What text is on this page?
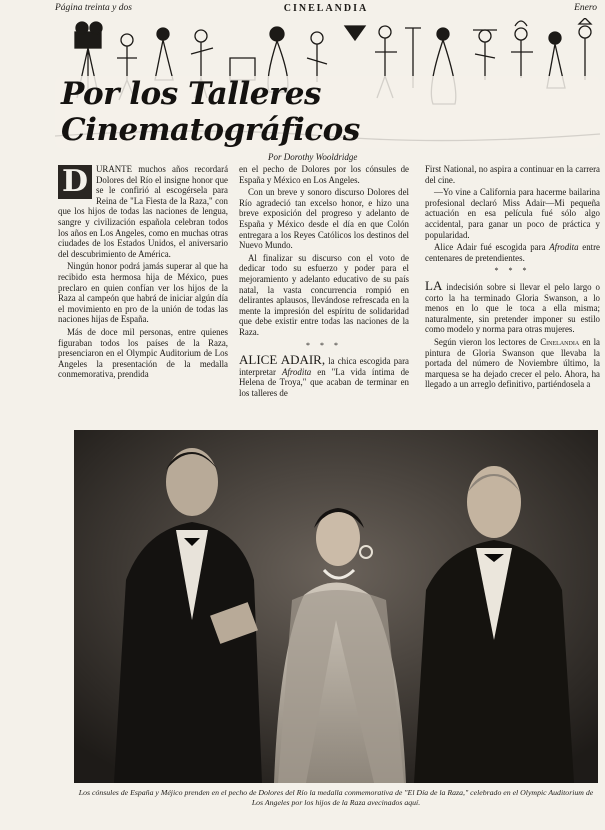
Página treinta y dos	CINELANDIA	Enero
Por los Talleres Cinematográficos
Por Dorothy Wooldridge

D URANTE muchos años recordará Dolores del Río el insigne honor que se le confirió al escogérsela para Reina de "La Fiesta de la Raza," con que los hijos de todas las naciones de lengua, sangre y civilización española celebran todos los años en Los Angeles, como en muchas otras ciudades de los Estados Unidos, el aniversario del descubrimiento de América.

Ningún honor podrá jamás superar al que ha recibido esta hermosa hija de México, pues preclaro en quien confían ver los hijos de la Raza al campeón que habrá de iniciar algún día el movimiento en pro de la unión de todas las naciones hijas de España.

Más de doce mil personas, entre quienes figuraban todos los países de la Raza, presenciaron en el Olympic Auditorium de Los Angeles la presentación de la medalla conmemorativa, prendida

en el pecho de Dolores por los cónsules de España y México en Los Angeles.

Con un breve y sonoro discurso Dolores del Río agradeció tan excelso honor, e hizo una breve exposición del progreso y adelanto de España y México desde el día en que Colón entregara a los Reyes Católicos los destinos del Nuevo Mundo.

Al finalizar su discurso con el voto de dedicar todo su esfuerzo y poder para el mejoramiento y adelanto educativo de su país natal, la vasta concurrencia rompió en delirantes aplausos, llevándose refrescada en la mente la impresión del espíritu de solidaridad que debe existir entre todas las naciones de la Raza.

* * *

ALICE ADAIR, la chica escogida para interpretar Afrodita en "La vida íntima de Helena de Troya," que acaban de terminar en los talleres de

First National, no aspira a continuar en la carrera del cine.

—Yo vine a California para hacerme bailarina profesional declaró Miss Adair—Mi pequeña actuación en esa película fué sólo algo accidental, para ganar un poco de práctica y popularidad.

Alice Adair fué escogida para Afrodita entre centenares de pretendientes.

* * *

LA indecisión sobre si llevar el pelo largo o corto la ha terminado Gloria Swanson, a lo menos en lo que le toca a ella misma; naturalmente, sin pretender imponer su estilo como modelo y norma para otras mujeres.

Según vieron los lectores de Cinelandia en la pintura de Gloria Swanson que llevaba la portada del número de Noviembre último, la marquesa se ha dejado crecer el pelo. Ahora, ha llegado a un arreglo definitivo, partiéndosela a

Los cónsules de España y Méjico prenden en el pecho de Dolores del Río la medalla conmemorativa de "El Día de la Raza," celebrado en el Olympic Auditorium de Los Angeles por los hijos de la Raza avecinados aquí.
